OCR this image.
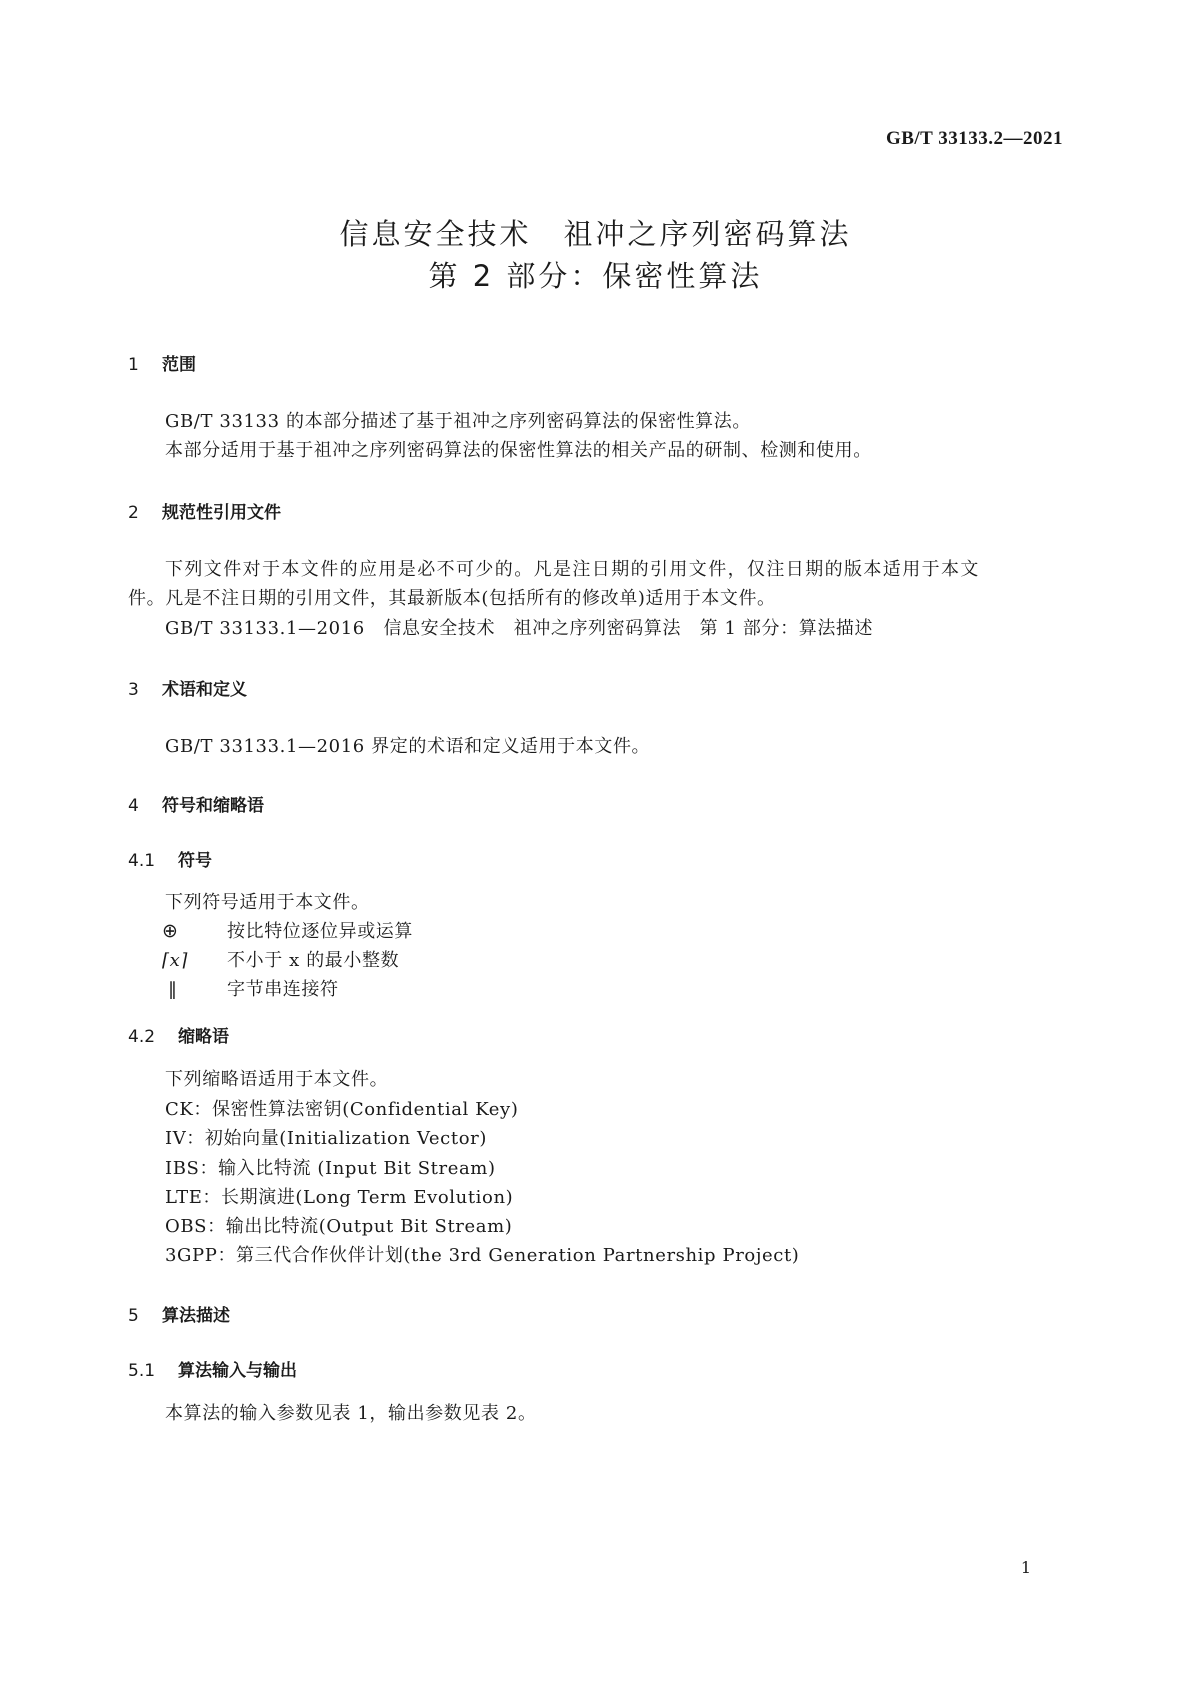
GB/T 33133.2—2021
信息安全技术　祖冲之序列密码算法
第 2 部分：保密性算法
1 范围
GB/T 33133 的本部分描述了基于祖冲之序列密码算法的保密性算法。
本部分适用于基于祖冲之序列密码算法的保密性算法的相关产品的研制、检测和使用。
2 规范性引用文件
下列文件对于本文件的应用是必不可少的。凡是注日期的引用文件，仅注日期的版本适用于本文
件。凡是不注日期的引用文件，其最新版本(包括所有的修改单)适用于本文件。
GB/T 33133.1—2016　信息安全技术　祖冲之序列密码算法　第 1 部分：算法描述
3 术语和定义
GB/T 33133.1—2016 界定的术语和定义适用于本文件。
4 符号和缩略语
4.1 符号
下列符号适用于本文件。
⊕	按比特位逐位异或运算
⌈x⌉ 不小于 x 的最小整数
‖	字节串连接符
4.2 缩略语
下列缩略语适用于本文件。
CK：保密性算法密钥(Confidential Key)
IV：初始向量(Initialization Vector)
IBS：输入比特流 (Input Bit Stream)
LTE：长期演进(Long Term Evolution)
OBS：输出比特流(Output Bit Stream)
3GPP：第三代合作伙伴计划(the 3rd Generation Partnership Project)
5 算法描述
5.1 算法输入与输出
本算法的输入参数见表 1，输出参数见表 2。
1
